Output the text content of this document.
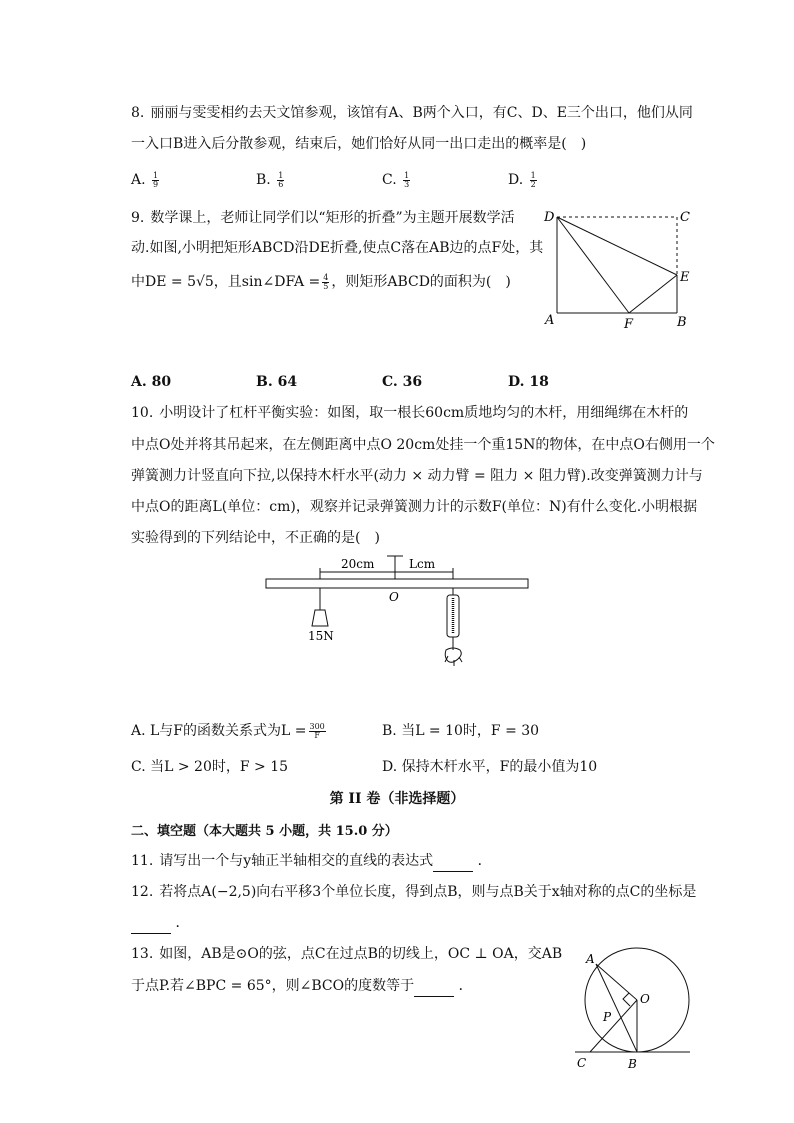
8. 丽丽与雯雯相约去天文馆参观，该馆有A、B两个入口，有C、D、E三个出口，他们从同
一入口B进入后分散参观，结束后，她们恰好从同一出口走出的概率是(　)
A. $\frac{1}{9}$	B. $\frac{1}{6}$	C. $\frac{1}{3}$	D. $\frac{1}{2}$
9. 数学课上，老师让同学们以“矩形的折叠”为主题开展数学活
动.如图,小明把矩形ABCD沿DE折叠,使点C落在AB边的点F处，其
中DE = 5√5，且sin∠DFA = $\frac{4}{5}$ ，则矩形ABCD的面积为(　)
D	C
E
A	F	B
A. 80	B. 64	C. 36	D. 18
10. 小明设计了杠杆平衡实验：如图，取一根长60cm质地均匀的木杆，用细绳绑在木杆的
中点O处并将其吊起来，在左侧距离中点O 20cm处挂一个重15N的物体，在中点O右侧用一个
弹簧测力计竖直向下拉,以保持木杆水平(动力 × 动力臂 = 阻力 × 阻力臂).改变弹簧测力计与
中点O的距离L(单位：cm)，观察并记录弹簧测力计的示数F(单位：N)有什么变化.小明根据
实验得到的下列结论中，不正确的是(　)
20cm	Lcm
O
15N
A. L与F的函数关系式为$L = \frac{300}{F}$	B. 当L = 10时，F = 30
C. 当L > 20时，F > 15	D. 保持木杆水平，F的最小值为10
第 II 卷（非选择题）
二、填空题（本大题共 5 小题，共 15.0 分）
11. 请写出一个与y轴正半轴相交的直线的表达式	．
12. 若将点A(−2,5)向右平移3个单位长度，得到点B，则与点B关于x轴对称的点C的坐标是
．
13. 如图，AB是⊙O的弦，点C在过点B的切线上，OC ⊥ OA，交AB
于点P.若∠BPC = 65°，则∠BCO的度数等于	．
A
O
P
C	B
